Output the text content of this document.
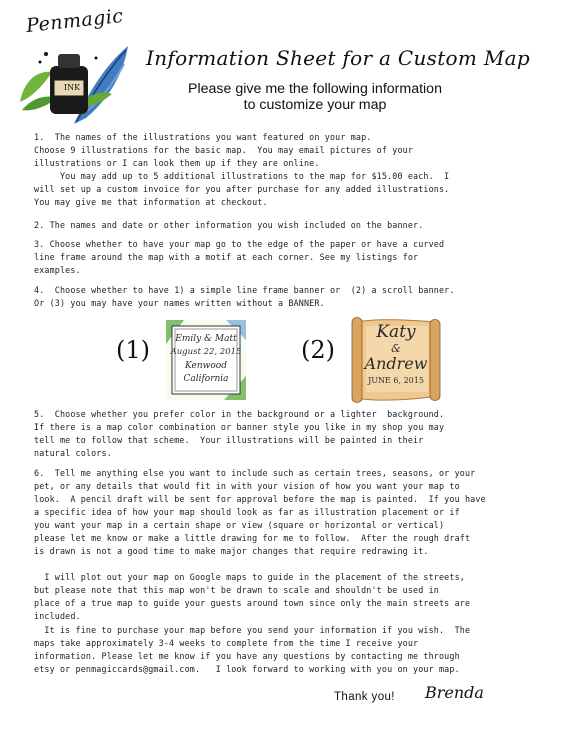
Penmagic
INK
Information Sheet for a Custom Map
Please give me the following information
to customize your map
1.  The names of the illustrations you want featured on your map.
Choose 9 illustrations for the basic map.  You may email pictures of your
illustrations or I can look them up if they are online.
You may add up to 5 additional illustrations to the map for $15.00 each.  I
will set up a custom invoice for you after purchase for any added illustrations.
You may give me that information at checkout.
2. The names and date or other information you wish included on the banner.
3. Choose whether to have your map go to the edge of the paper or have a curved
line frame around the map with a motif at each corner. See my listings for
examples.
4.  Choose whether to have 1) a simple line frame banner or  (2) a scroll banner.
Or (3) you may have your names written without a BANNER.
(1)	Emily & Matt
August 22, 2015
Kenwood
California
(2)
Katy
&
Andrew
JUNE 6, 2015
5.  Choose whether you prefer color in the background or a lighter  background.
If there is a map color combination or banner style you like in my shop you may
tell me to follow that scheme.  Your illustrations will be painted in their
natural colors.
6.  Tell me anything else you want to include such as certain trees, seasons, or your
pet, or any details that would fit in with your vision of how you want your map to
look.  A pencil draft will be sent for approval before the map is painted.  If you have
a specific idea of how your map should look as far as illustration placement or if
you want your map in a certain shape or view (square or horizontal or vertical)
please let me know or make a little drawing for me to follow.  After the rough draft
is drawn is not a good time to make major changes that require redrawing it.
I will plot out your map on Google maps to guide in the placement of the streets,
but please note that this map won't be drawn to scale and shouldn't be used in
place of a true map to guide your guests around town since only the main streets are
included.
It is fine to purchase your map before you send your information if you wish.  The
maps take approximately 3-4 weeks to complete from the time I receive your
information. Please let me know if you have any questions by contacting me through
etsy or penmagiccards@gmail.com.   I look forward to working with you on your map.
Thank you! Brenda
